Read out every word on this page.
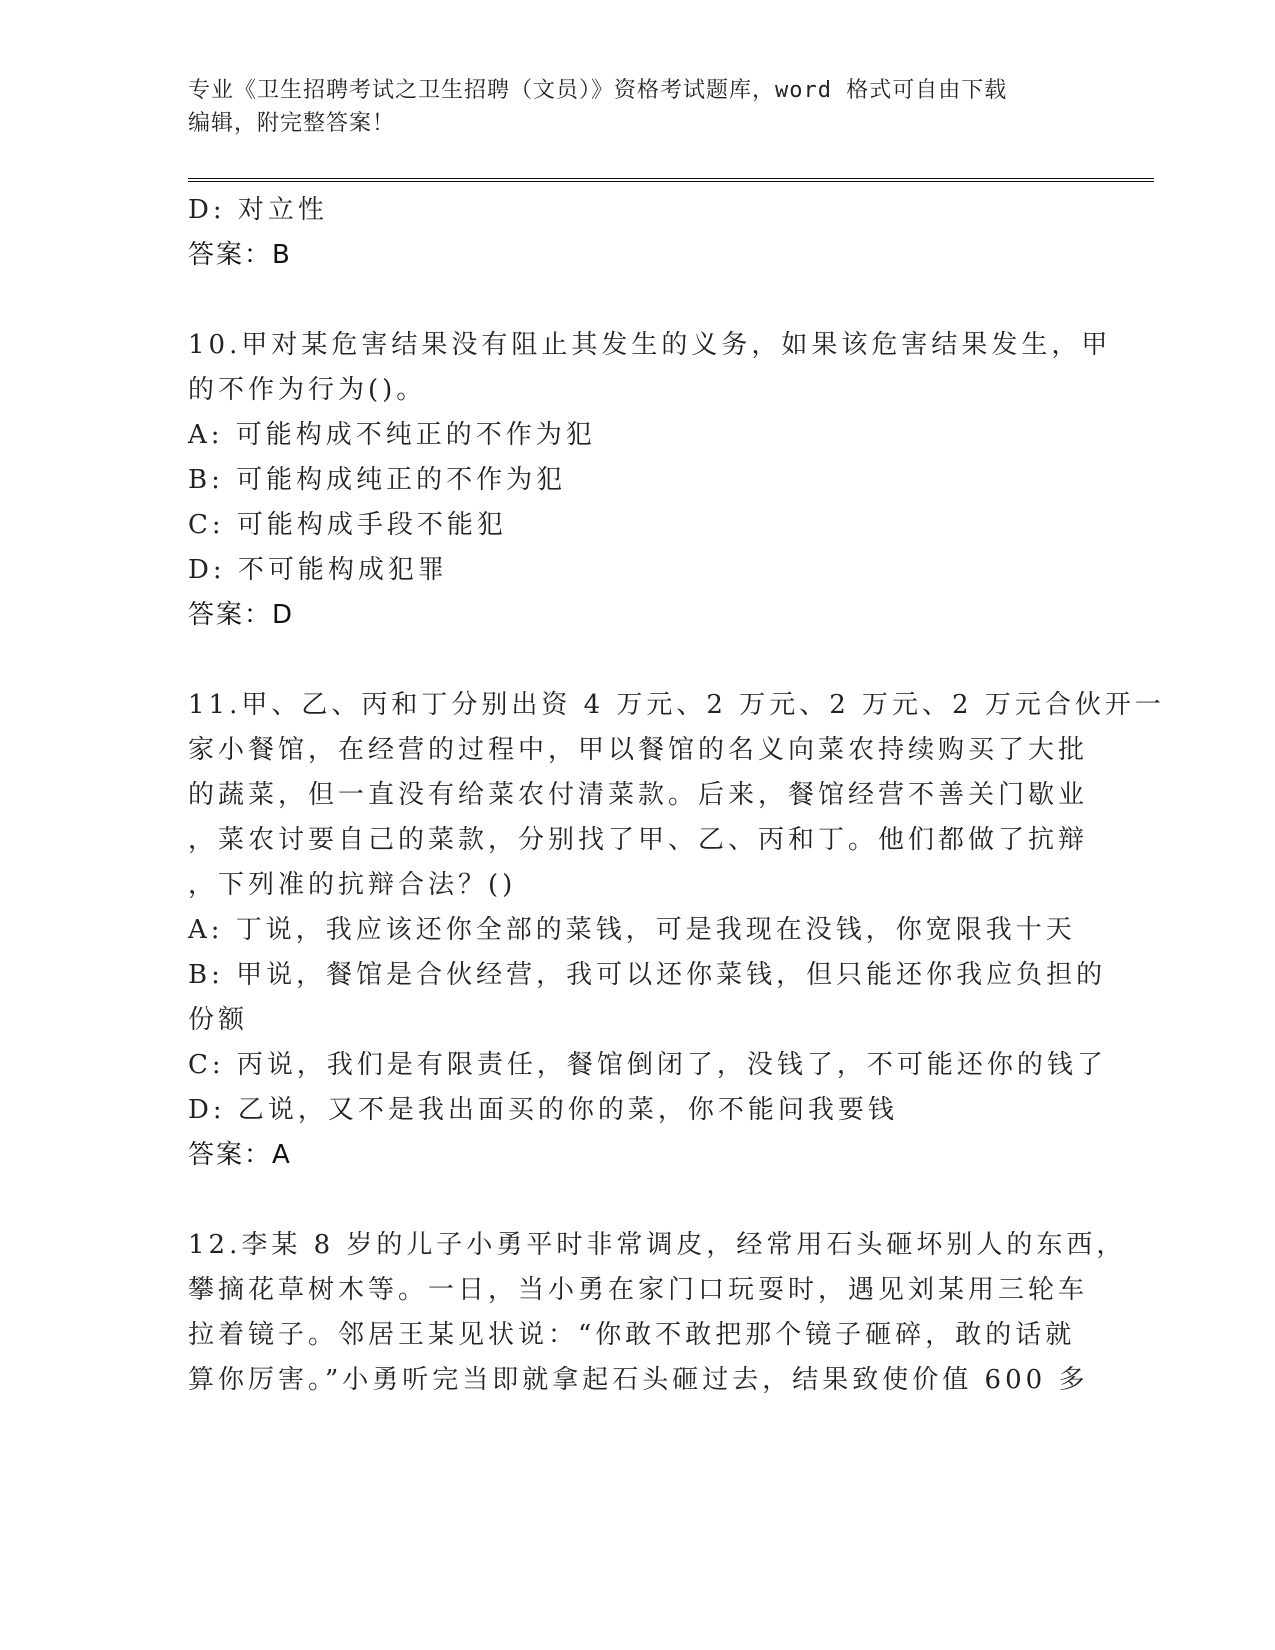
专业《卫生招聘考试之卫生招聘（文员）》资格考试题库，word 格式可自由下载
编辑，附完整答案！
D: 对立性
答案：B
10.甲对某危害结果没有阻止其发生的义务，如果该危害结果发生，甲
的不作为行为()。
A: 可能构成不纯正的不作为犯
B: 可能构成纯正的不作为犯
C: 可能构成手段不能犯
D: 不可能构成犯罪
答案：D
11.甲、乙、丙和丁分别出资 4 万元、2 万元、2 万元、2 万元合伙开一
家小餐馆，在经营的过程中，甲以餐馆的名义向菜农持续购买了大批
的蔬菜，但一直没有给菜农付清菜款。后来，餐馆经营不善关门歇业
，菜农讨要自己的菜款，分别找了甲、乙、丙和丁。他们都做了抗辩
，下列准的抗辩合法？()
A: 丁说，我应该还你全部的菜钱，可是我现在没钱，你宽限我十天
B: 甲说，餐馆是合伙经营，我可以还你菜钱，但只能还你我应负担的
份额
C: 丙说，我们是有限责任，餐馆倒闭了，没钱了，不可能还你的钱了
D: 乙说，又不是我出面买的你的菜，你不能问我要钱
答案：A
12.李某 8 岁的儿子小勇平时非常调皮，经常用石头砸坏别人的东西，
攀摘花草树木等。一日，当小勇在家门口玩耍时，遇见刘某用三轮车
拉着镜子。邻居王某见状说：“你敢不敢把那个镜子砸碎，敢的话就
算你厉害。”小勇听完当即就拿起石头砸过去，结果致使价值 600 多
